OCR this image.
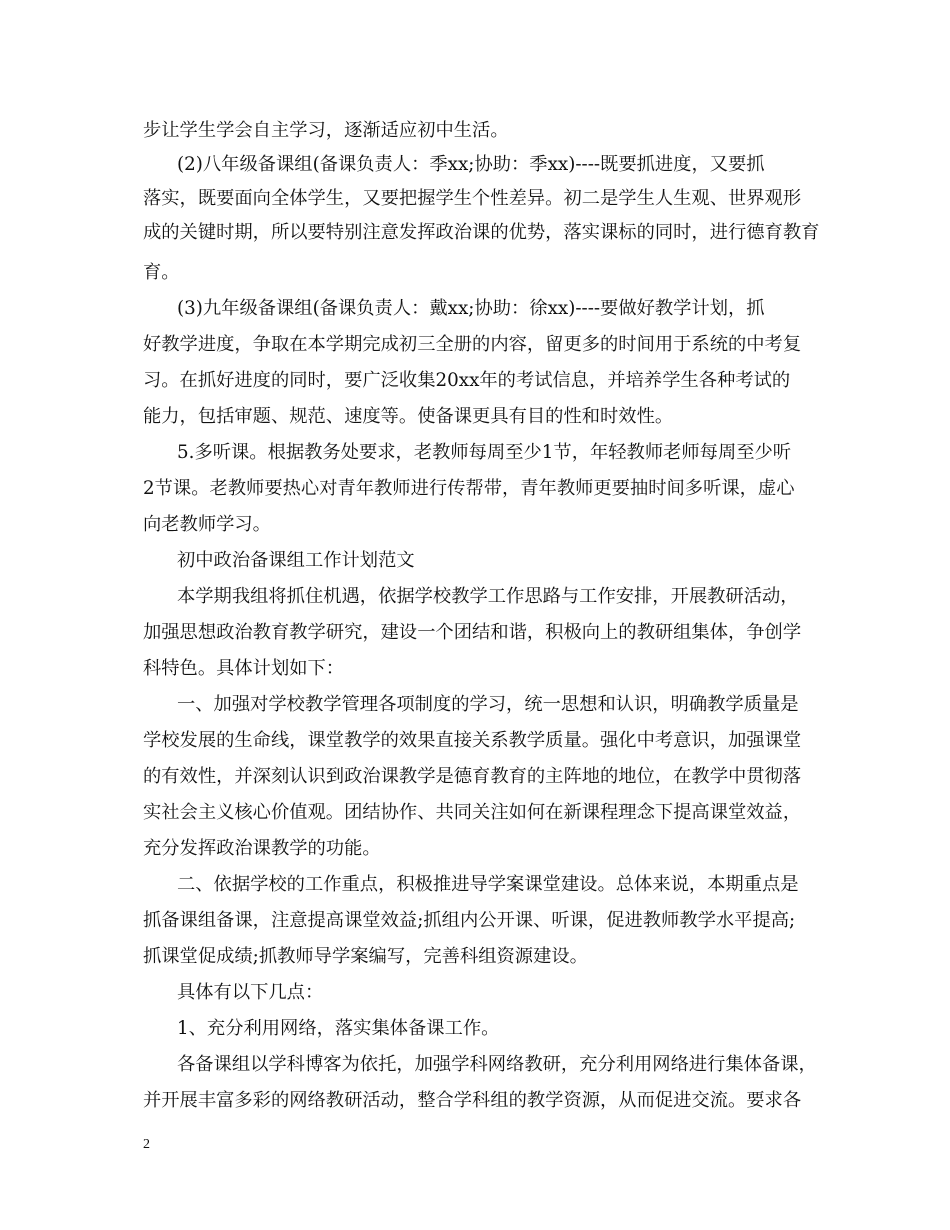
步让学生学会自主学习，逐渐适应初中生活。
(2)八年级备课组(备课负责人：季xx;协助：季xx)----既要抓进度，又要抓
落实，既要面向全体学生，又要把握学生个性差异。初二是学生人生观、世界观形
成的关键时期，所以要特别注意发挥政治课的优势，落实课标的同时，进行德育教育
育。
(3)九年级备课组(备课负责人：戴xx;协助：徐xx)----要做好教学计划，抓
好教学进度，争取在本学期完成初三全册的内容，留更多的时间用于系统的中考复
习。在抓好进度的同时，要广泛收集20xx年的考试信息，并培养学生各种考试的
能力，包括审题、规范、速度等。使备课更具有目的性和时效性。
5.多听课。根据教务处要求，老教师每周至少1节，年轻教师老师每周至少听
2节课。老教师要热心对青年教师进行传帮带，青年教师更要抽时间多听课，虚心
向老教师学习。
初中政治备课组工作计划范文
本学期我组将抓住机遇，依据学校教学工作思路与工作安排，开展教研活动，
加强思想政治教育教学研究，建设一个团结和谐，积极向上的教研组集体，争创学
科特色。具体计划如下：
一、加强对学校教学管理各项制度的学习，统一思想和认识，明确教学质量是
学校发展的生命线，课堂教学的效果直接关系教学质量。强化中考意识，加强课堂
的有效性，并深刻认识到政治课教学是德育教育的主阵地的地位，在教学中贯彻落
实社会主义核心价值观。团结协作、共同关注如何在新课程理念下提高课堂效益，
充分发挥政治课教学的功能。
二、依据学校的工作重点，积极推进导学案课堂建设。总体来说，本期重点是
抓备课组备课，注意提高课堂效益;抓组内公开课、听课，促进教师教学水平提高;
抓课堂促成绩;抓教师导学案编写，完善科组资源建设。
具体有以下几点：
1、充分利用网络，落实集体备课工作。
各备课组以学科博客为依托，加强学科网络教研，充分利用网络进行集体备课，
并开展丰富多彩的网络教研活动，整合学科组的教学资源，从而促进交流。要求各
2
